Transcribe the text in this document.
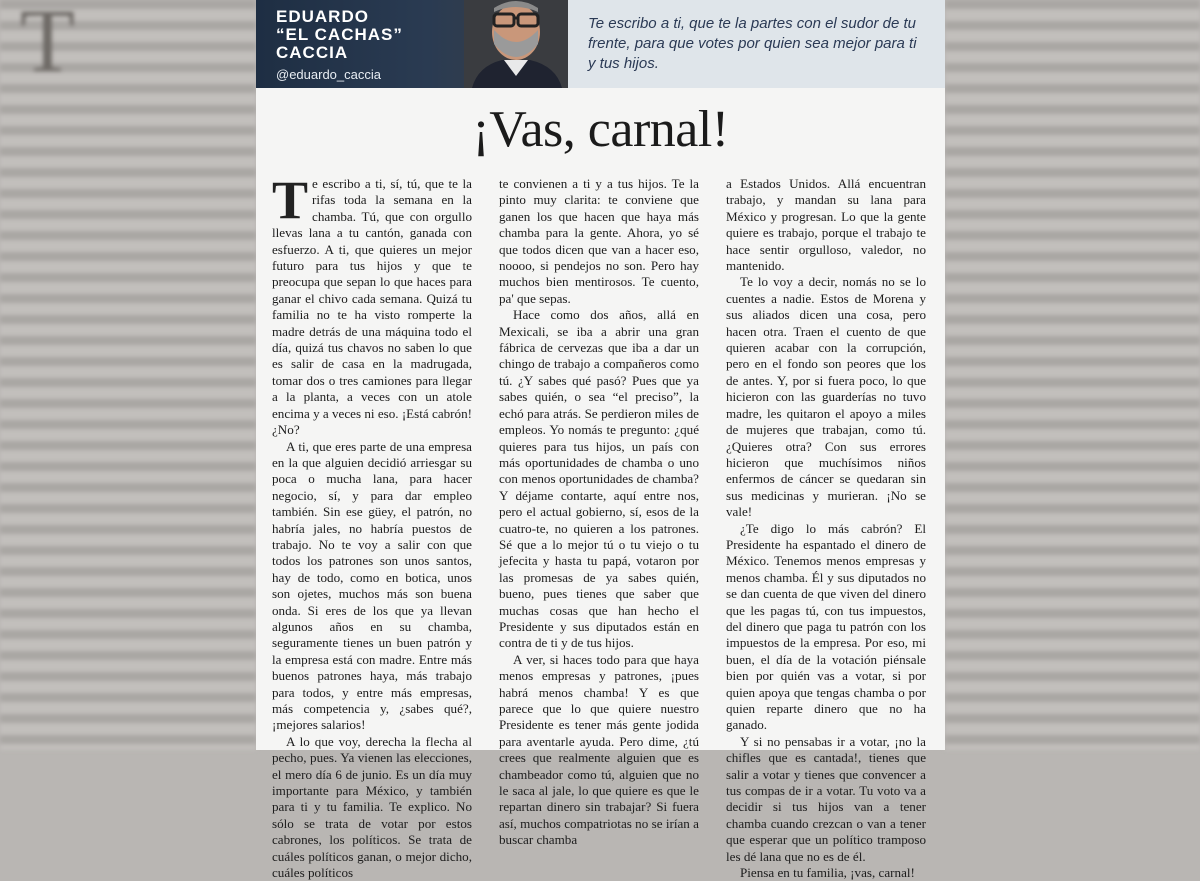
T	EDUARDO
“EL CACHAS”
CACCIA
@eduardo_caccia
Te escribo a ti, que te la partes con el sudor de tu frente, para que votes por quien sea mejor para ti y tus hijos.
¡Vas, carnal!

Te escribo a ti, sí, tú, que te la rifas toda la semana en la chamba. Tú, que con orgullo llevas lana a tu cantón, ganada con esfuerzo. A ti, que quieres un mejor futuro para tus hijos y que te preocupa que sepan lo que haces para ganar el chivo cada semana. Quizá tu familia no te ha visto romperte la madre detrás de una máquina todo el día, quizá tus chavos no saben lo que es salir de casa en la madrugada, tomar dos o tres camiones para llegar a la planta, a veces con un atole encima y a veces ni eso. ¡Está cabrón! ¿No?

A ti, que eres parte de una empresa en la que alguien decidió arriesgar su poca o mucha lana, para hacer negocio, sí, y para dar empleo también. Sin ese güey, el patrón, no habría jales, no habría puestos de trabajo. No te voy a salir con que todos los patrones son unos santos, hay de todo, como en botica, unos son ojetes, muchos más son buena onda. Si eres de los que ya llevan algunos años en su chamba, seguramente tienes un buen patrón y la empresa está con madre. Entre más buenos patrones haya, más trabajo para todos, y entre más empresas, más competencia y, ¿sabes qué?, ¡mejores salarios!

A lo que voy, derecha la flecha al pecho, pues. Ya vienen las elecciones, el mero día 6 de junio. Es un día muy importante para México, y también para ti y tu familia. Te explico. No sólo se trata de votar por estos cabrones, los políticos. Se trata de cuáles políticos ganan, o mejor dicho, cuáles políticos

te convienen a ti y a tus hijos. Te la pinto muy clarita: te conviene que ganen los que hacen que haya más chamba para la gente. Ahora, yo sé que todos dicen que van a hacer eso, noooo, si pendejos no son. Pero hay muchos bien mentirosos. Te cuento, pa' que sepas.

Hace como dos años, allá en Mexicali, se iba a abrir una gran fábrica de cervezas que iba a dar un chingo de trabajo a compañeros como tú. ¿Y sabes qué pasó? Pues que ya sabes quién, o sea “el preciso”, la echó para atrás. Se perdieron miles de empleos. Yo nomás te pregunto: ¿qué quieres para tus hijos, un país con más oportunidades de chamba o uno con menos oportunidades de chamba? Y déjame contarte, aquí entre nos, pero el actual gobierno, sí, esos de la cuatro-te, no quieren a los patrones. Sé que a lo mejor tú o tu viejo o tu jefecita y hasta tu papá, votaron por las promesas de ya sabes quién, bueno, pues tienes que saber que muchas cosas que han hecho el Presidente y sus diputados están en contra de ti y de tus hijos.

A ver, si haces todo para que haya menos empresas y patrones, ¡pues habrá menos chamba! Y es que parece que lo que quiere nuestro Presidente es tener más gente jodida para aventarle ayuda. Pero dime, ¿tú crees que realmente alguien que es chambeador como tú, alguien que no le saca al jale, lo que quiere es que le repartan dinero sin trabajar? Si fuera así, muchos compatriotas no se irían a buscar chamba

a Estados Unidos. Allá encuentran trabajo, y mandan su lana para México y progresan. Lo que la gente quiere es trabajo, porque el trabajo te hace sentir orgulloso, valedor, no mantenido.

Te lo voy a decir, nomás no se lo cuentes a nadie. Estos de Morena y sus aliados dicen una cosa, pero hacen otra. Traen el cuento de que quieren acabar con la corrupción, pero en el fondo son peores que los de antes. Y, por si fuera poco, lo que hicieron con las guarderías no tuvo madre, les quitaron el apoyo a miles de mujeres que trabajan, como tú. ¿Quieres otra? Con sus errores hicieron que muchísimos niños enfermos de cáncer se quedaran sin sus medicinas y murieran. ¡No se vale!

¿Te digo lo más cabrón? El Presidente ha espantado el dinero de México. Tenemos menos empresas y menos chamba. Él y sus diputados no se dan cuenta de que viven del dinero que les pagas tú, con tus impuestos, del dinero que paga tu patrón con los impuestos de la empresa. Por eso, mi buen, el día de la votación piénsale bien por quién vas a votar, si por quien apoya que tengas chamba o por quien reparte dinero que no ha ganado.

Y si no pensabas ir a votar, ¡no la chifles que es cantada!, tienes que salir a votar y tienes que convencer a tus compas de ir a votar. Tu voto va a decidir si tus hijos van a tener chamba cuando crezcan o van a tener que esperar que un político tramposo les dé lana que no es de él.

Piensa en tu familia, ¡vas, carnal!
